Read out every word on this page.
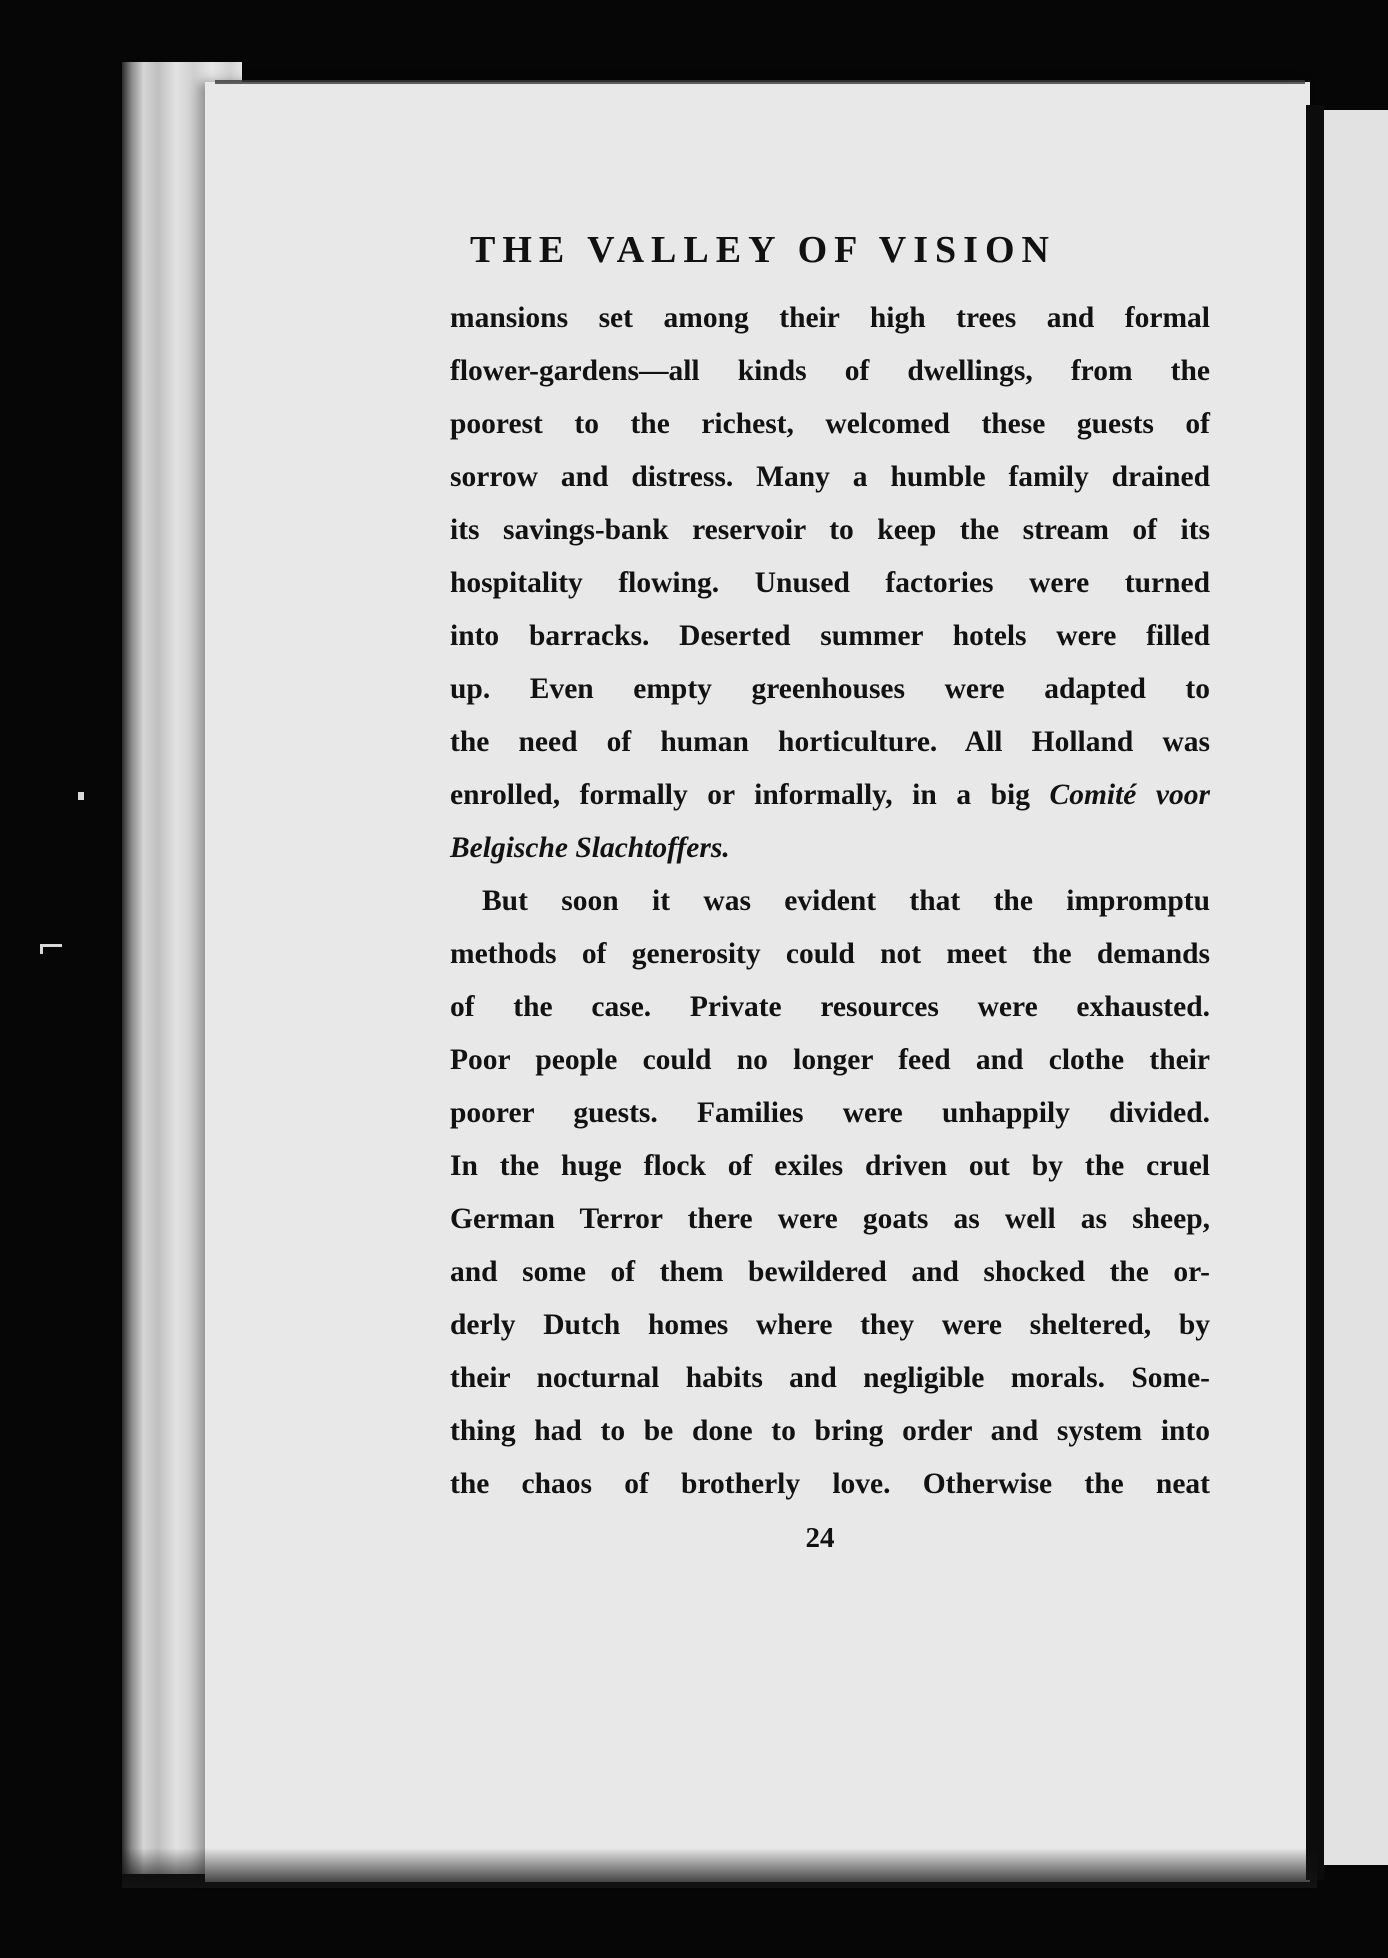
THE VALLEY OF VISION
mansions set among their high trees and formal
flower-gardens—all kinds of dwellings, from the
poorest to the richest, welcomed these guests of
sorrow and distress. Many a humble family drained
its savings-bank reservoir to keep the stream of its
hospitality flowing. Unused factories were turned
into barracks. Deserted summer hotels were filled
up. Even empty greenhouses were adapted to
the need of human horticulture. All Holland was
enrolled, formally or informally, in a big Comité voor
Belgische Slachtoffers.
But soon it was evident that the impromptu
methods of generosity could not meet the demands
of the case. Private resources were exhausted.
Poor people could no longer feed and clothe their
poorer guests. Families were unhappily divided.
In the huge flock of exiles driven out by the cruel
German Terror there were goats as well as sheep,
and some of them bewildered and shocked the or-
derly Dutch homes where they were sheltered, by
their nocturnal habits and negligible morals. Some-
thing had to be done to bring order and system into
the chaos of brotherly love. Otherwise the neat
24
